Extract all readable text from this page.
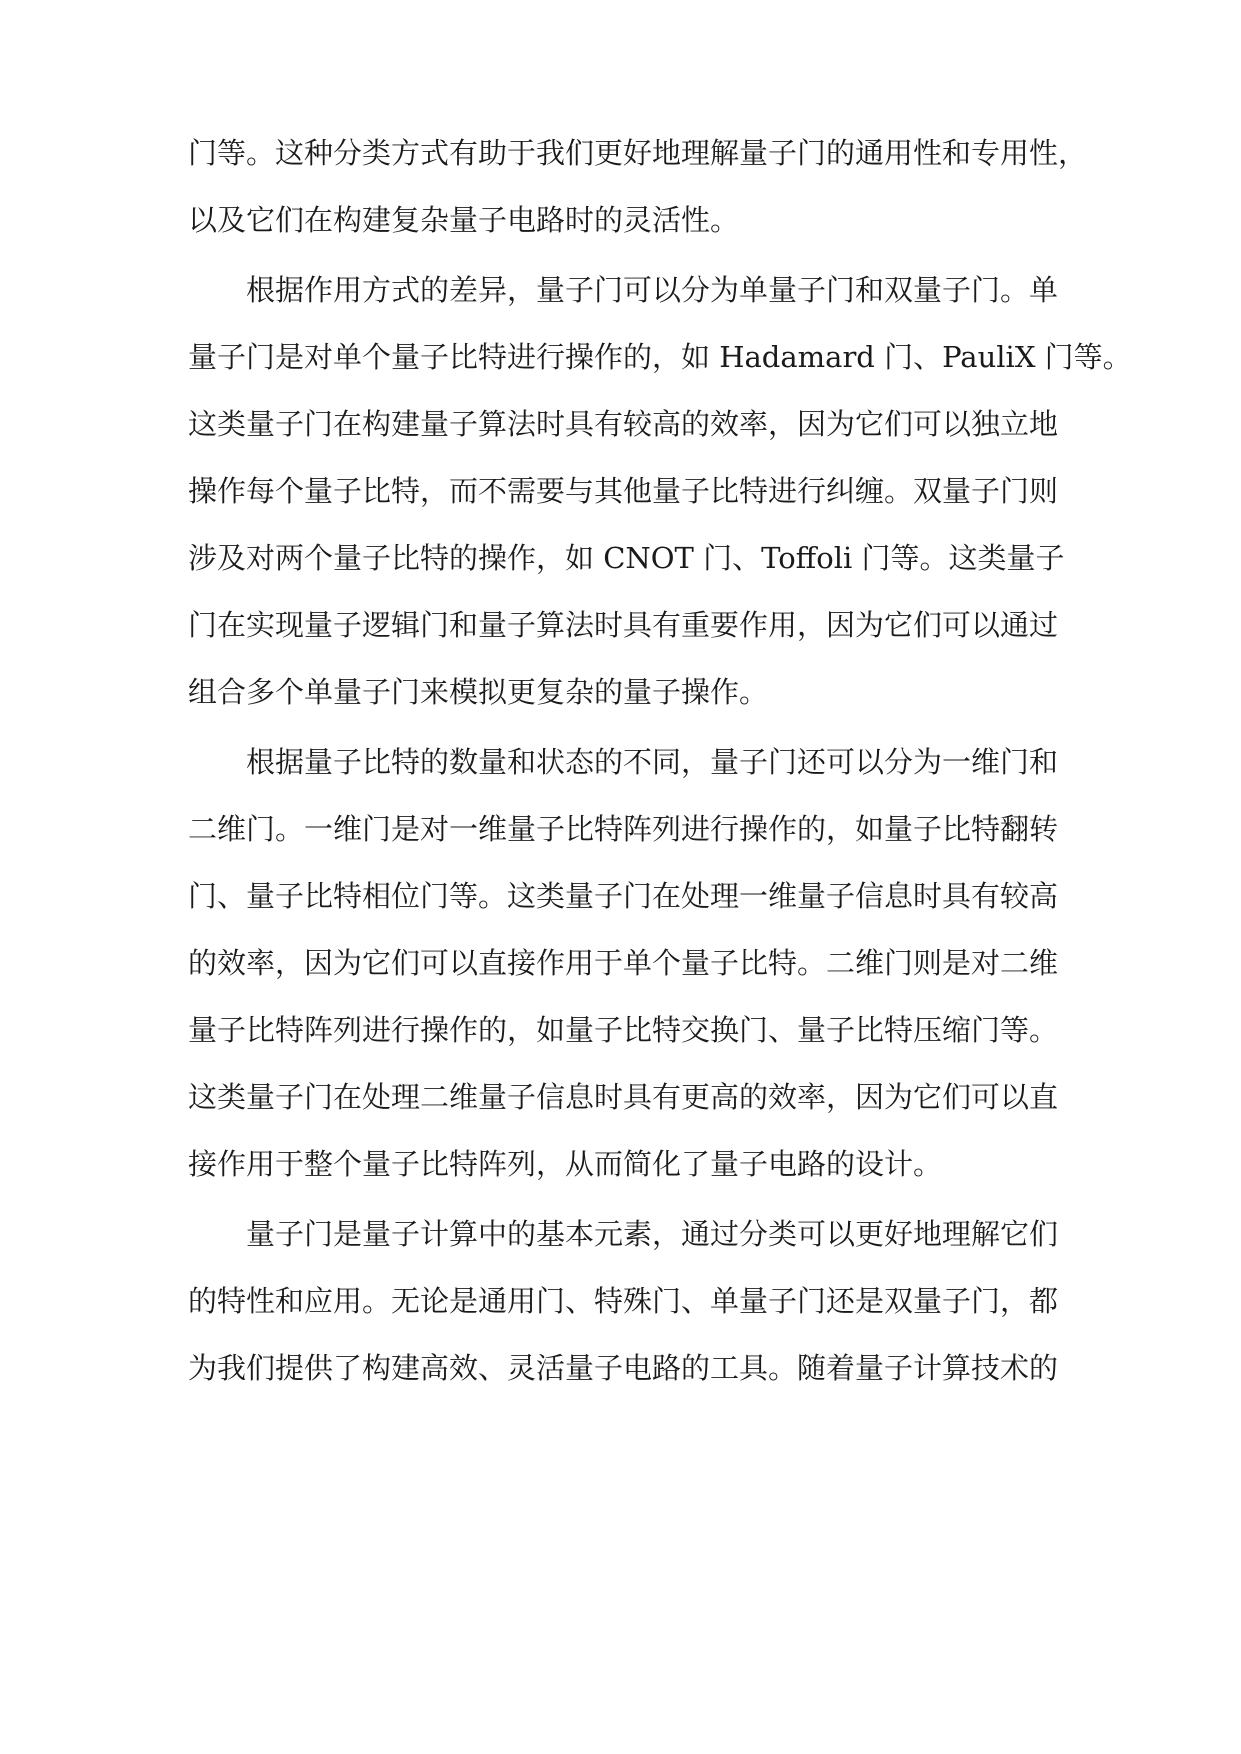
门等。这种分类方式有助于我们更好地理解量子门的通用性和专用性，
以及它们在构建复杂量子电路时的灵活性。
根据作用方式的差异，量子门可以分为单量子门和双量子门。单
量子门是对单个量子比特进行操作的，如 Hadamard 门、PauliX 门等。
这类量子门在构建量子算法时具有较高的效率，因为它们可以独立地
操作每个量子比特，而不需要与其他量子比特进行纠缠。双量子门则
涉及对两个量子比特的操作，如 CNOT 门、Toffoli 门等。这类量子
门在实现量子逻辑门和量子算法时具有重要作用，因为它们可以通过
组合多个单量子门来模拟更复杂的量子操作。
根据量子比特的数量和状态的不同，量子门还可以分为一维门和
二维门。一维门是对一维量子比特阵列进行操作的，如量子比特翻转
门、量子比特相位门等。这类量子门在处理一维量子信息时具有较高
的效率，因为它们可以直接作用于单个量子比特。二维门则是对二维
量子比特阵列进行操作的，如量子比特交换门、量子比特压缩门等。
这类量子门在处理二维量子信息时具有更高的效率，因为它们可以直
接作用于整个量子比特阵列，从而简化了量子电路的设计。
量子门是量子计算中的基本元素，通过分类可以更好地理解它们
的特性和应用。无论是通用门、特殊门、单量子门还是双量子门，都
为我们提供了构建高效、灵活量子电路的工具。随着量子计算技术的
